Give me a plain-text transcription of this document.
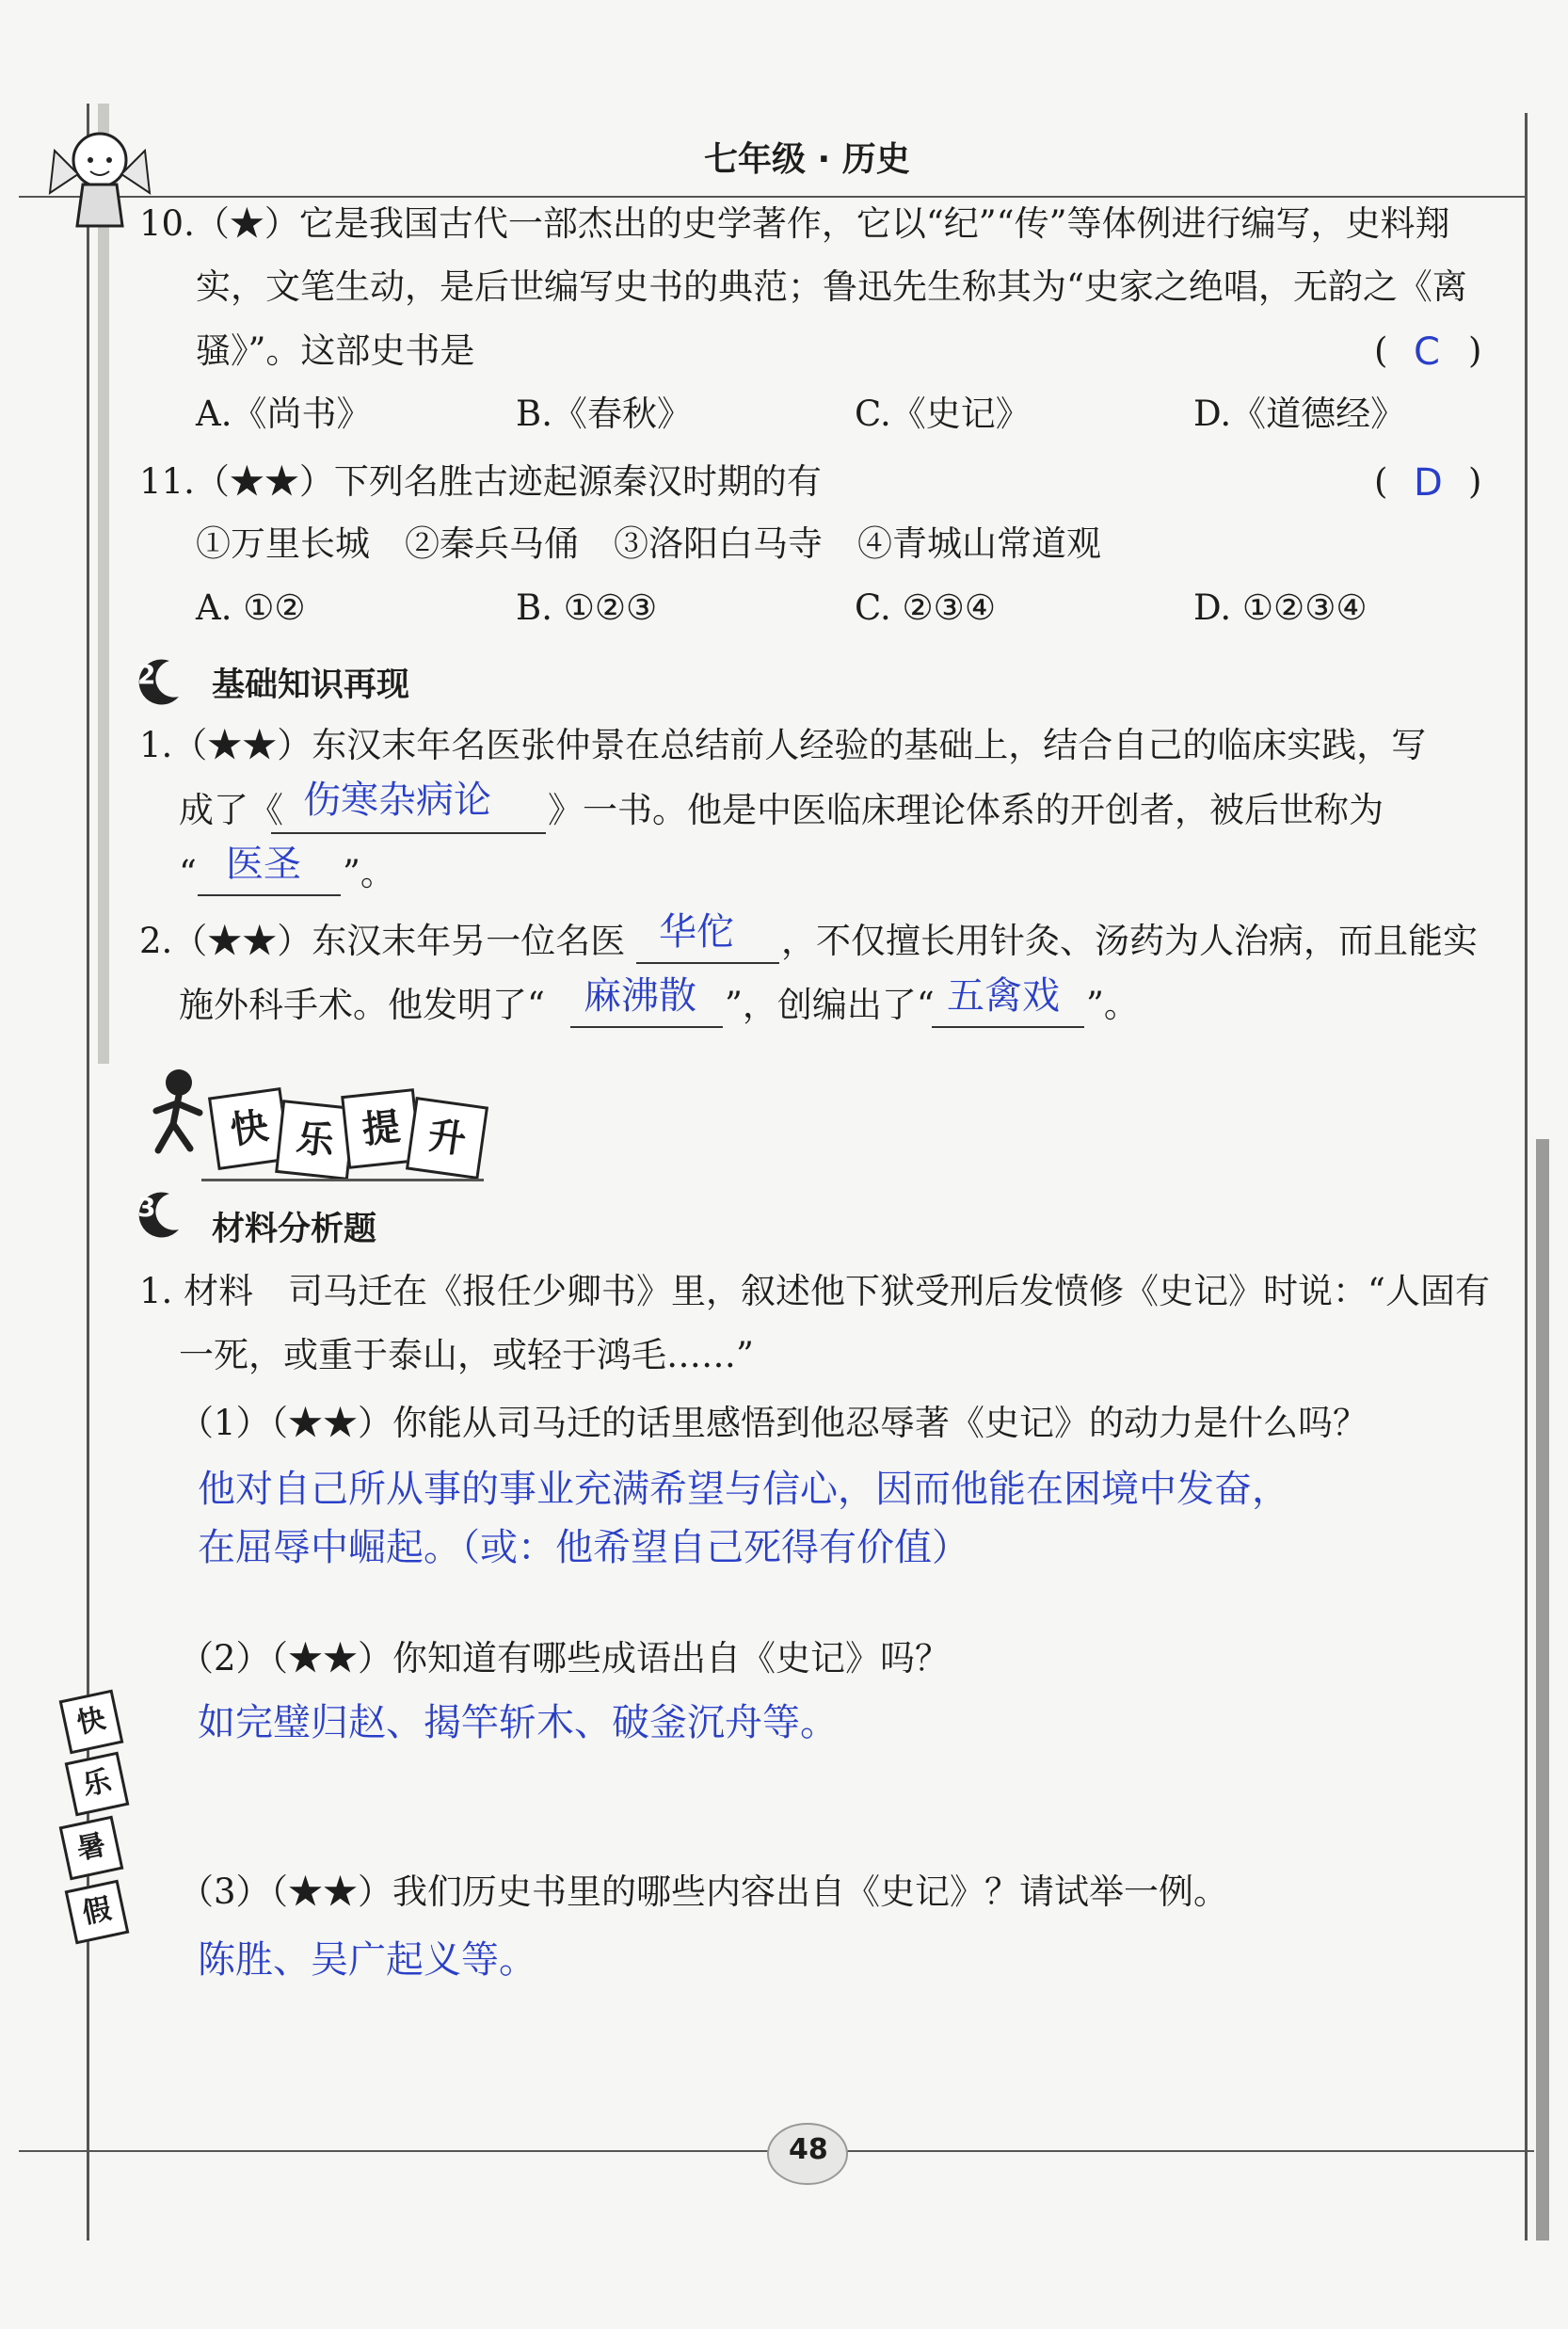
七年级 · 历史
10.（★）它是我国古代一部杰出的史学著作，它以“纪”“传”等体例进行编写，史料翔
实，文笔生动，是后世编写史书的典范；鲁迅先生称其为“史家之绝唱，无韵之《离
骚》”。这部史书是	( C )
A.《尚书》	B.《春秋》	C.《史记》	D.《道德经》
11.（★★）下列名胜古迹起源秦汉时期的有	( D )
①万里长城　②秦兵马俑　③洛阳白马寺　④青城山常道观
A. ①②	B. ①②③	C. ②③④	D. ①②③④
2 基础知识再现
1.（★★）东汉末年名医张仲景在总结前人经验的基础上，结合自己的临床实践，写
成了《 伤寒杂病论 》一书。他是中医临床理论体系的开创者，被后世称为
“ 医圣 ”。
2.（★★）东汉末年另一位名医 华佗 ，不仅擅长用针灸、汤药为人治病，而且能实
施外科手术。他发明了“ 麻沸散 ”，创编出了“ 五禽戏 ”。
快 乐 提 升
3
材料分析题
1. 材料　司马迁在《报任少卿书》里，叙述他下狱受刑后发愤修《史记》时说：“人固有
一死，或重于泰山，或轻于鸿毛……”
（1）（★★）你能从司马迁的话里感悟到他忍辱著《史记》的动力是什么吗？
他对自己所从事的事业充满希望与信心，因而他能在困境中发奋，
在屈辱中崛起。（或：他希望自己死得有价值）
（2）（★★）你知道有哪些成语出自《史记》吗？
如完璧归赵、揭竿斩木、破釜沉舟等。
（3）（★★）我们历史书里的哪些内容出自《史记》？请试举一例。
陈胜、吴广起义等。
快
乐
暑
假
48
